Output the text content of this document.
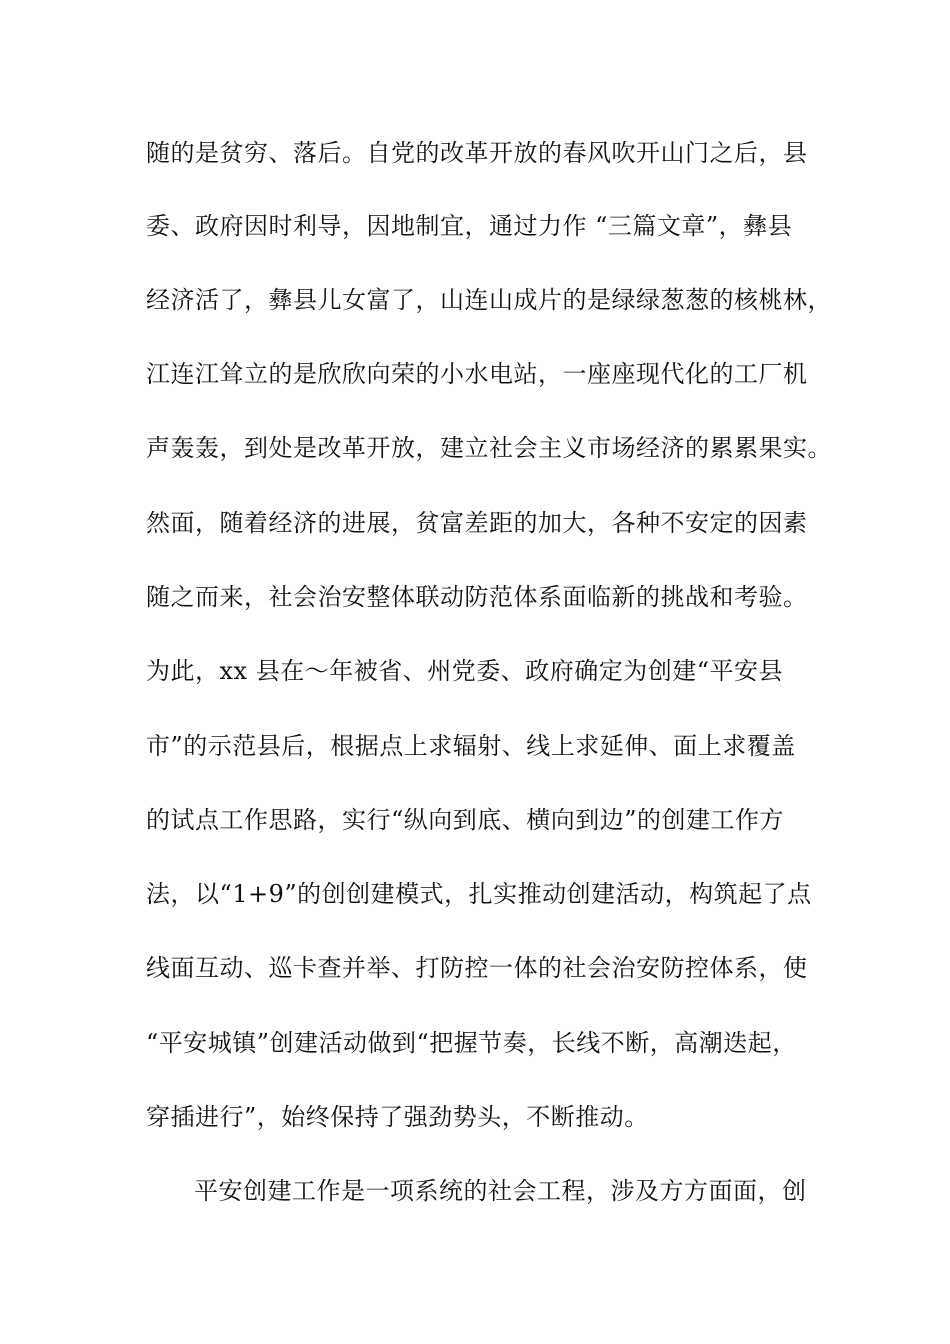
随的是贫穷、落后。自党的改革开放的春风吹开山门之后，县
委、政府因时利导，因地制宜，通过力作 “三篇文章”，彝县
经济活了，彝县儿女富了，山连山成片的是绿绿葱葱的核桃林，
江连江耸立的是欣欣向荣的小水电站，一座座现代化的工厂机
声轰轰，到处是改革开放，建立社会主义市场经济的累累果实。
然面，随着经济的进展，贫富差距的加大，各种不安定的因素
随之而来，社会治安整体联动防范体系面临新的挑战和考验。
为此，xx 县在～年被省、州党委、政府确定为创建“平安县
市”的示范县后，根据点上求辐射、线上求延伸、面上求覆盖
的试点工作思路，实行“纵向到底、横向到边”的创建工作方
法，以“1+9”的创创建模式，扎实推动创建活动，构筑起了点
线面互动、巡卡查并举、打防控一体的社会治安防控体系，使
“平安城镇”创建活动做到“把握节奏，长线不断，高潮迭起，
穿插进行”，始终保持了强劲势头，不断推动。
平安创建工作是一项系统的社会工程，涉及方方面面，创
